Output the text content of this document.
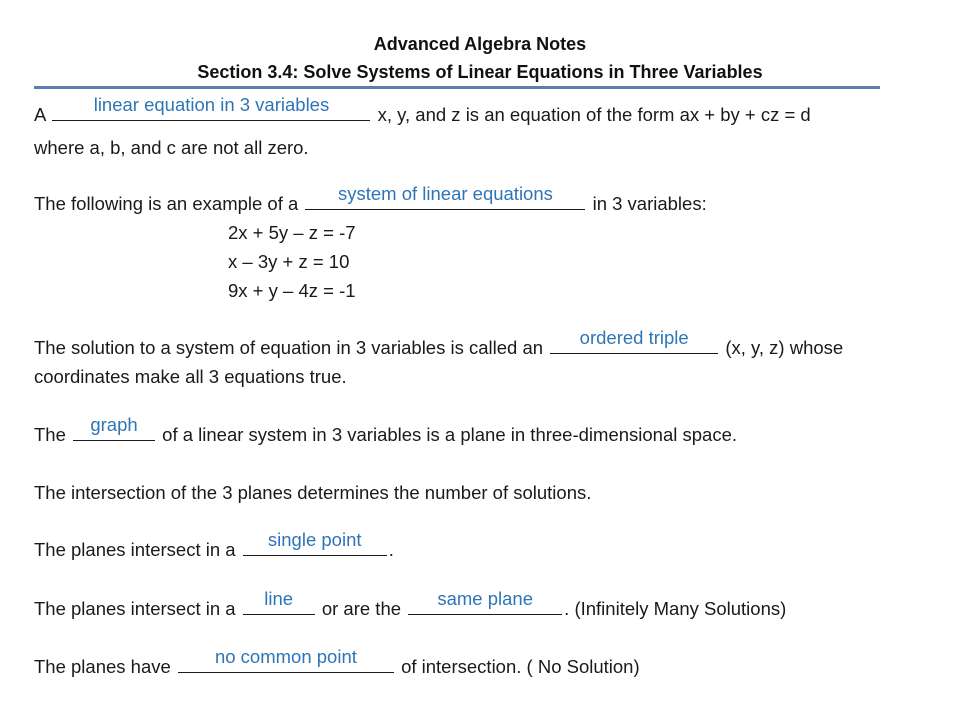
Advanced Algebra Notes
Section 3.4: Solve Systems of Linear Equations in Three Variables
A	linear equation in 3 variables	x, y, and z is an equation of the form ax + by + cz = d
where a, b, and c are not all zero.
The following is an example of a	system of linear equations	in 3 variables:
2x + 5y – z = -7
x – 3y + z = 10
9x + y – 4z = -1
The solution to a system of equation in 3 variables is called an	ordered triple	(x, y, z) whose
coordinates make all 3 equations true.
The	graph	of a linear system in 3 variables is a plane in three-dimensional space.
The intersection of the 3 planes determines the number of solutions.
The planes intersect in a	single point	.
The planes intersect in a	line	or are the	same plane	. (Infinitely Many Solutions)
The planes have	no common point	of intersection. ( No Solution)
